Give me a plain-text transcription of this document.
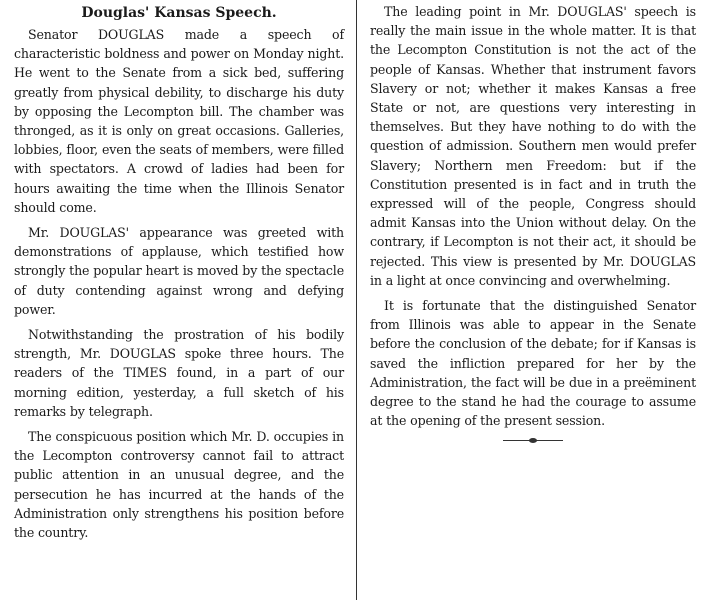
Douglas' Kansas Speech.

Senator DOUGLAS made a speech of characteristic boldness and power on Monday night. He went to the Senate from a sick bed, suffering greatly from physical debility, to discharge his duty by opposing the Lecompton bill. The chamber was thronged, as it is only on great occasions. Galleries, lobbies, floor, even the seats of members, were filled with spectators. A crowd of ladies had been for hours awaiting the time when the Illinois Senator should come.

Mr. DOUGLAS' appearance was greeted with demonstrations of applause, which testified how strongly the popular heart is moved by the spectacle of duty contending against wrong and defying power.

Notwithstanding the prostration of his bodily strength, Mr. DOUGLAS spoke three hours. The readers of the TIMES found, in a part of our morning edition, yesterday, a full sketch of his remarks by telegraph.

The conspicuous position which Mr. D. occupies in the Lecompton controversy cannot fail to attract public attention in an unusual degree, and the persecution he has incurred at the hands of the Administration only strengthens his position before the country.

The leading point in Mr. DOUGLAS' speech is really the main issue in the whole matter. It is that the Lecompton Constitution is not the act of the people of Kansas. Whether that instrument favors Slavery or not; whether it makes Kansas a free State or not, are questions very interesting in themselves. But they have nothing to do with the question of admission. Southern men would prefer Slavery; Northern men Freedom: but if the Constitution presented is in fact and in truth the expressed will of the people, Congress should admit Kansas into the Union without delay. On the contrary, if Lecompton is not their act, it should be rejected. This view is presented by Mr. DOUGLAS in a light at once convincing and overwhelming.

It is fortunate that the distinguished Senator from Illinois was able to appear in the Senate before the conclusion of the debate; for if Kansas is saved the infliction prepared for her by the Administration, the fact will be due in a preëminent degree to the stand he had the courage to assume at the opening of the present session.
